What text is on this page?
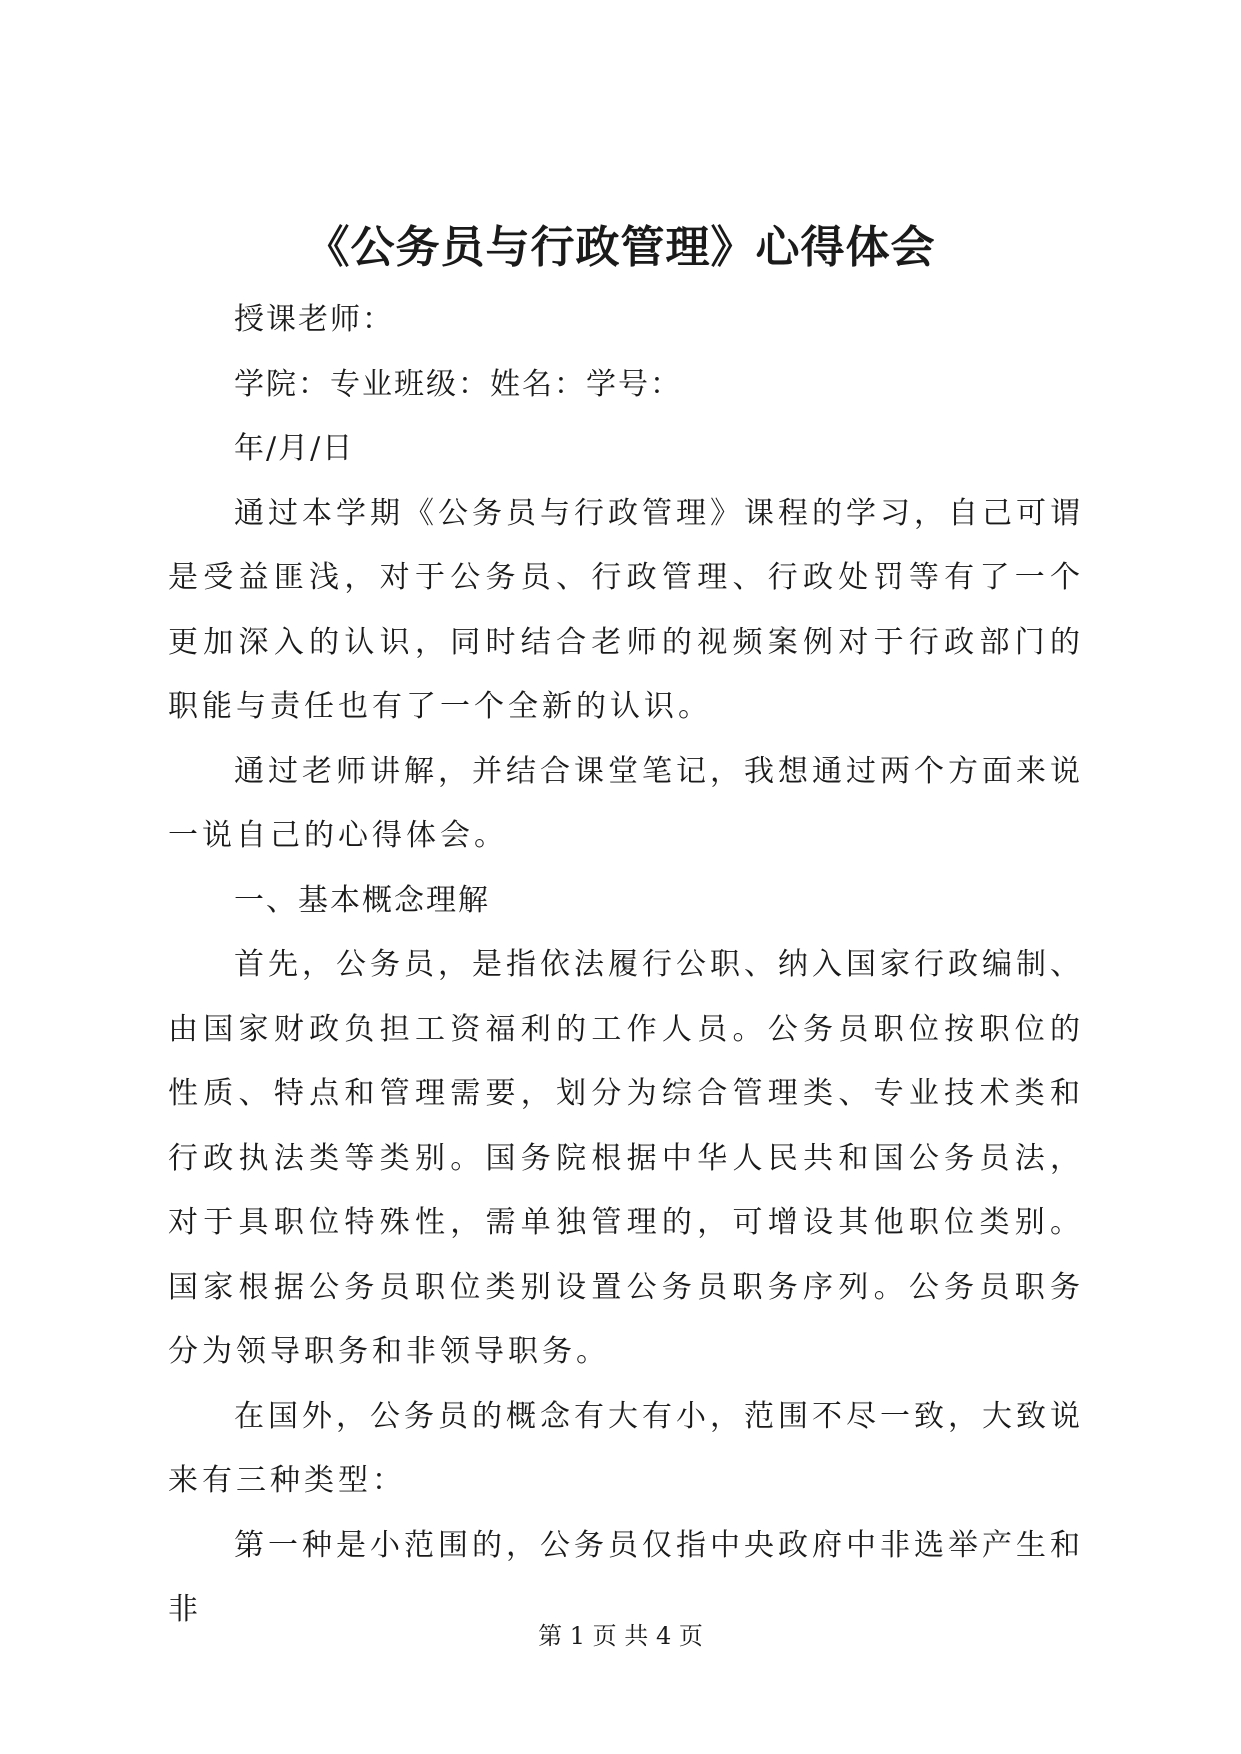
《公务员与行政管理》心得体会

授课老师：

学院：专业班级：姓名：学号：

年/月/日

通过本学期《公务员与行政管理》课程的学习，自己可谓是受益匪浅，对于公务员、行政管理、行政处罚等有了一个更加深入的认识，同时结合老师的视频案例对于行政部门的职能与责任也有了一个全新的认识。

通过老师讲解，并结合课堂笔记，我想通过两个方面来说一说自己的心得体会。

一、基本概念理解

首先，公务员，是指依法履行公职、纳入国家行政编制、由国家财政负担工资福利的工作人员。公务员职位按职位的性质、特点和管理需要，划分为综合管理类、专业技术类和行政执法类等类别。国务院根据中华人民共和国公务员法，对于具职位特殊性，需单独管理的，可增设其他职位类别。国家根据公务员职位类别设置公务员职务序列。公务员职务分为领导职务和非领导职务。

在国外，公务员的概念有大有小，范围不尽一致，大致说来有三种类型：

第一种是小范围的，公务员仅指中央政府中非选举产生和非

第 1 页 共 4 页
